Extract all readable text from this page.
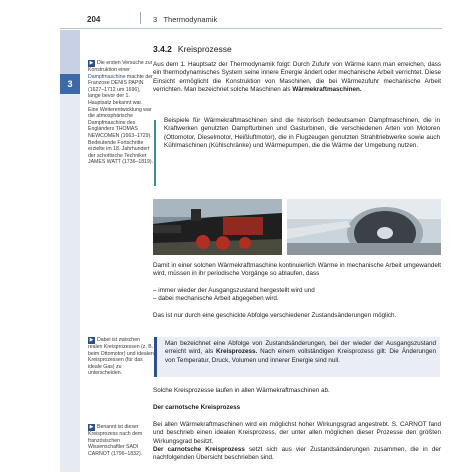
204	3 Thermodynamik
3
▶ Die ersten Versuche zur Konstruktion einer Dampfmaschine machte der Franzose DENIS PAPIN (1627–1712 um 1696), lange bevor der 1. Hauptsatz bekannt war. Eine Weiterentwicklung war die atmosphärische Dampfmaschine des Engländers THOMAS NEWCOMEN (1663–1729). Bedeutende Fortschritte erzielte im 18. Jahrhundert der schottische Techniker JAMES WATT (1736–1819).
▶ Dabei ist zwischen realen Kreisprozessen (z. B. beim Ottomotor) und idealen Kreisprozessen (für das ideale Gas) zu unterscheiden.
▶ Benannt ist dieser Kreisprozess nach dem französischen Wissenschaftler SADI CARNOT (1796–1832).
3.4.2 Kreisprozesse
Aus dem 1. Hauptsatz der Thermodynamik folgt: Durch Zufuhr von Wärme kann man erreichen, dass ein thermodynamisches System seine innere Energie ändert oder mechanische Arbeit verrichtet. Diese Einsicht ermöglicht die Konstruktion von Maschinen, die bei Wärmezufuhr mechanische Arbeit verrichten. Man bezeichnet solche Maschinen als Wärmekraftmaschinen.
Beispiele für Wärmekraftmaschinen sind die historisch bedeutsamen Dampfmaschinen, die in Kraftwerken genutzten Dampfturbinen und Gasturbinen, die verschiedenen Arten von Motoren (Ottomotor, Dieselmotor, Heißluftmotor), die in Flugzeugen genutzten Strahltriebwerke sowie auch Kühlmaschinen (Kühlschränke) und Wärmepumpen, die die Wärme der Umgebung nutzen.
Damit in einer solchen Wärmekraftmaschine kontinuierlich Wärme in mechanische Arbeit umgewandelt wird, müssen in ihr periodische Vorgänge so ablaufen, dass
– immer wieder der Ausgangszustand hergestellt wird und
– dabei mechanische Arbeit abgegeben wird.
Das ist nur durch eine geschickte Abfolge verschiedener Zustandsänderungen möglich.
Man bezeichnet eine Abfolge von Zustandsänderungen, bei der wieder der Ausgangszustand erreicht wird, als Kreisprozess. Nach einem vollständigen Kreisprozess gilt: Die Änderungen von Temperatur, Druck, Volumen und innerer Energie sind null.
Solche Kreisprozesse laufen in allen Wärmekraftmaschinen ab.
Der carnotsche Kreisprozess
Bei allen Wärmekraftmaschinen wird ein möglichst hoher Wirkungsgrad angestrebt. S. CARNOT fand und beschrieb einen idealen Kreisprozess, der unter allen möglichen dieser Prozesse den größten Wirkungsgrad besitzt.
Der carnotsche Kreisprozess setzt sich aus vier Zustandsänderungen zusammen, die in der nachfolgenden Übersicht beschrieben sind.
